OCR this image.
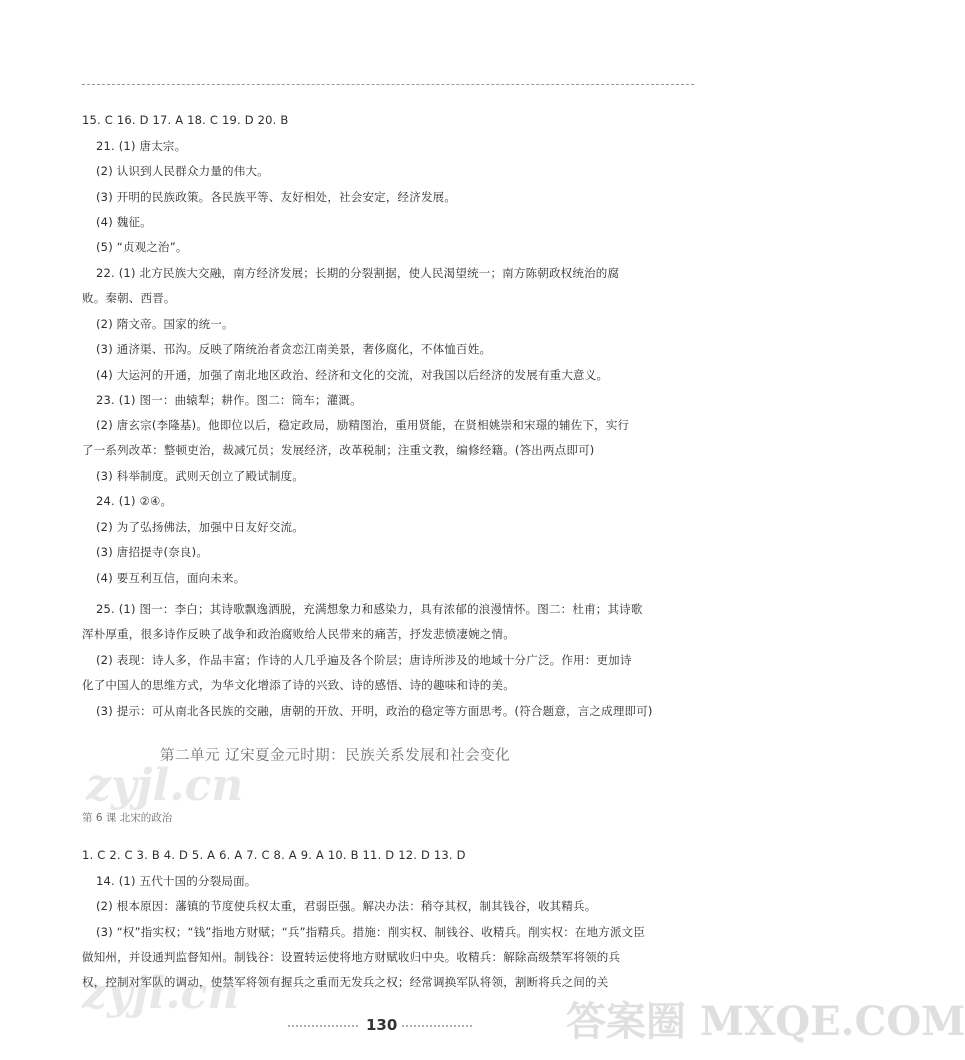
15. C 16. D 17. A 18. C 19. D 20. B
21. (1) 唐太宗。
(2) 认识到人民群众力量的伟大。
(3) 开明的民族政策。各民族平等、友好相处，社会安定，经济发展。
(4) 魏征。
(5) “贞观之治”。
22. (1) 北方民族大交融，南方经济发展；长期的分裂割据，使人民渴望统一；南方陈朝政权统治的腐
败。秦朝、西晋。
(2) 隋文帝。国家的统一。
(3) 通济渠、邗沟。反映了隋统治者贪恋江南美景，奢侈腐化，不体恤百姓。
(4) 大运河的开通，加强了南北地区政治、经济和文化的交流，对我国以后经济的发展有重大意义。
23. (1) 图一：曲辕犁；耕作。图二：筒车；灌溉。
(2) 唐玄宗(李隆基)。他即位以后，稳定政局，励精图治，重用贤能，在贤相姚崇和宋璟的辅佐下，实行
了一系列改革：整顿吏治，裁减冗员；发展经济，改革税制；注重文教，编修经籍。(答出两点即可)
(3) 科举制度。武则天创立了殿试制度。
24. (1) ②④。
(2) 为了弘扬佛法，加强中日友好交流。
(3) 唐招提寺(奈良)。
(4) 要互利互信，面向未来。
25. (1) 图一：李白；其诗歌飘逸洒脱，充满想象力和感染力，具有浓郁的浪漫情怀。图二：杜甫；其诗歌
浑朴厚重，很多诗作反映了战争和政治腐败给人民带来的痛苦，抒发悲愤凄婉之情。
(2) 表现：诗人多，作品丰富；作诗的人几乎遍及各个阶层；唐诗所涉及的地域十分广泛。作用：更加诗
化了中国人的思维方式，为华文化增添了诗的兴致、诗的感悟、诗的趣味和诗的美。
(3) 提示：可从南北各民族的交融，唐朝的开放、开明，政治的稳定等方面思考。(符合题意，言之成理即可)
1. C 2. C 3. B 4. D 5. A 6. A 7. C 8. A 9. A 10. B 11. D 12. D 13. D
14. (1) 五代十国的分裂局面。
(2) 根本原因：藩镇的节度使兵权太重，君弱臣强。解决办法：稍夺其权，制其钱谷，收其精兵。
(3) “权”指实权；“钱”指地方财赋；“兵”指精兵。措施：削实权、制钱谷、收精兵。削实权：在地方派文臣
做知州，并设通判监督知州。制钱谷：设置转运使将地方财赋收归中央。收精兵：解除高级禁军将领的兵
权，控制对军队的调动，使禁军将领有握兵之重而无发兵之权；经常调换军队将领，割断将兵之间的关
第二单元 辽宋夏金元时期：民族关系发展和社会变化
第 6 课 北宋的政治
zyjl.cn
zyjl.cn
答案圈 MXQE.COM
130
